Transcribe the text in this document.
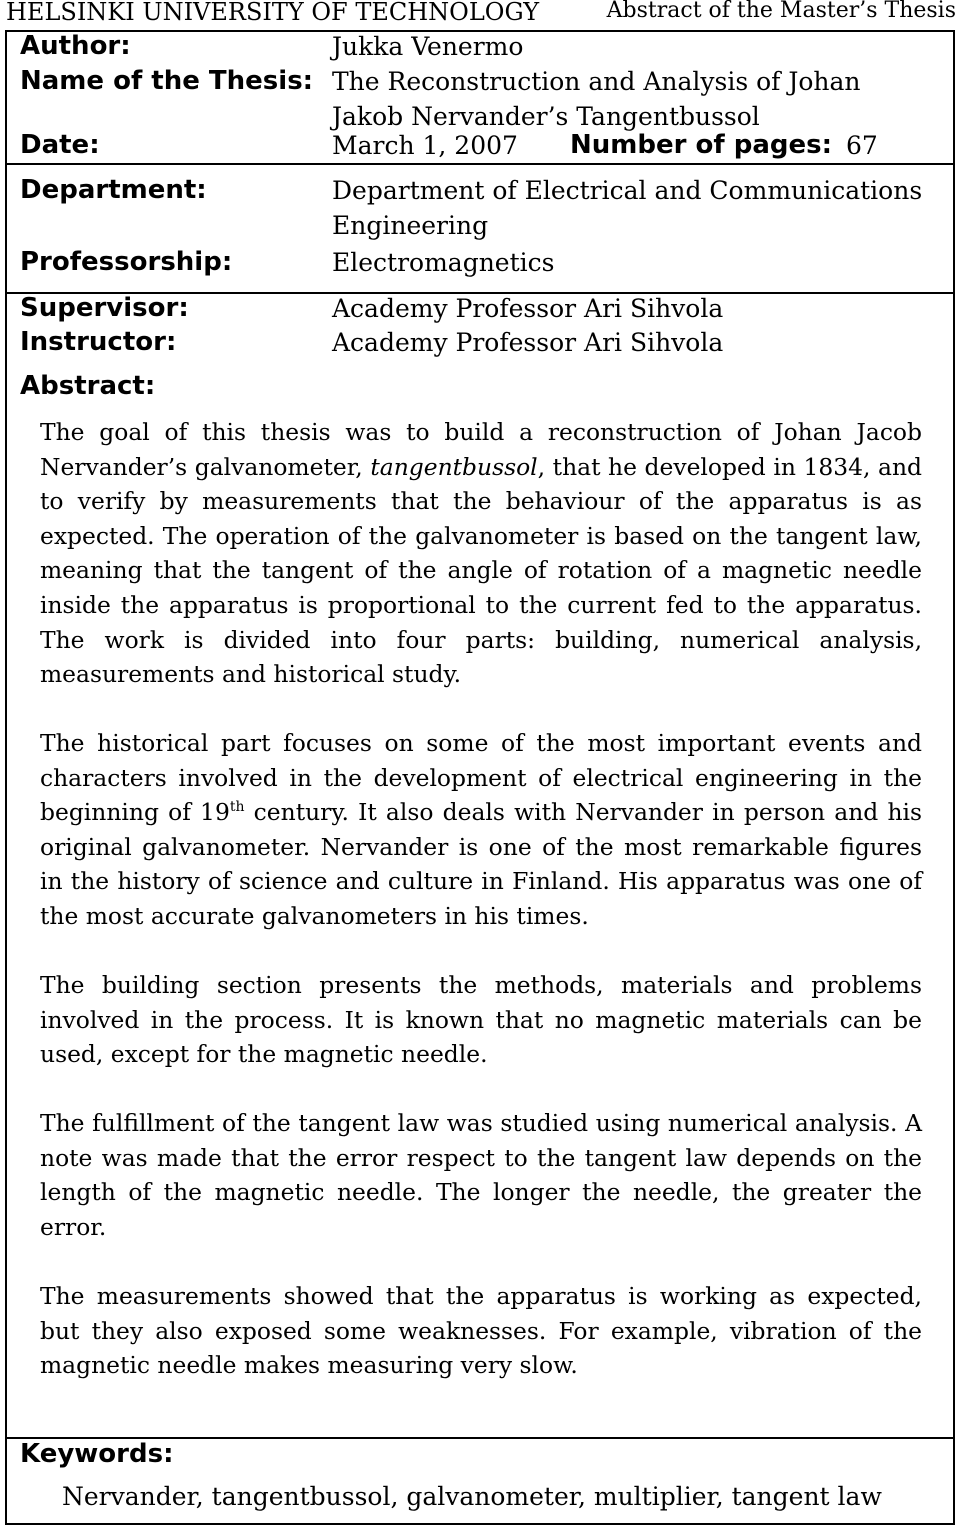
HELSINKI UNIVERSITY OF TECHNOLOGY	Abstract of the Master’s Thesis
Author:	Jukka Venermo
Name of the Thesis: The Reconstruction and Analysis of Johan
Jakob Nervander’s Tangentbussol
Date:	March 1, 2007 Number of pages: 67
Department:	Department of Electrical and Communications
Engineering
Professorship:	Electromagnetics
Supervisor:	Academy Professor Ari Sihvola
Instructor:	Academy Professor Ari Sihvola
Abstract:

The goal of this thesis was to build a reconstruction of Johan Jacob Nervander’s galvanometer, tangentbussol, that he developed in 1834, and to verify by measurements that the behaviour of the apparatus is as expected. The operation of the galvanometer is based on the tangent law, meaning that the tangent of the angle of rotation of a magnetic needle inside the apparatus is proportional to the current fed to the apparatus. The work is divided into four parts: building, numerical analysis, measurements and historical study.

The historical part focuses on some of the most important events and characters involved in the development of electrical engineering in the beginning of 19th century. It also deals with Nervander in person and his original galvanometer. Nervander is one of the most remarkable figures in the history of science and culture in Finland. His apparatus was one of the most accurate galvanometers in his times.

The building section presents the methods, materials and problems involved in the process. It is known that no magnetic materials can be used, except for the magnetic needle.

The fulfillment of the tangent law was studied using numerical analysis. A note was made that the error respect to the tangent law depends on the length of the magnetic needle. The longer the needle, the greater the error.

The measurements showed that the apparatus is working as expected, but they also exposed some weaknesses. For example, vibration of the magnetic needle makes measuring very slow.

Keywords:
Nervander, tangentbussol, galvanometer, multiplier, tangent law
